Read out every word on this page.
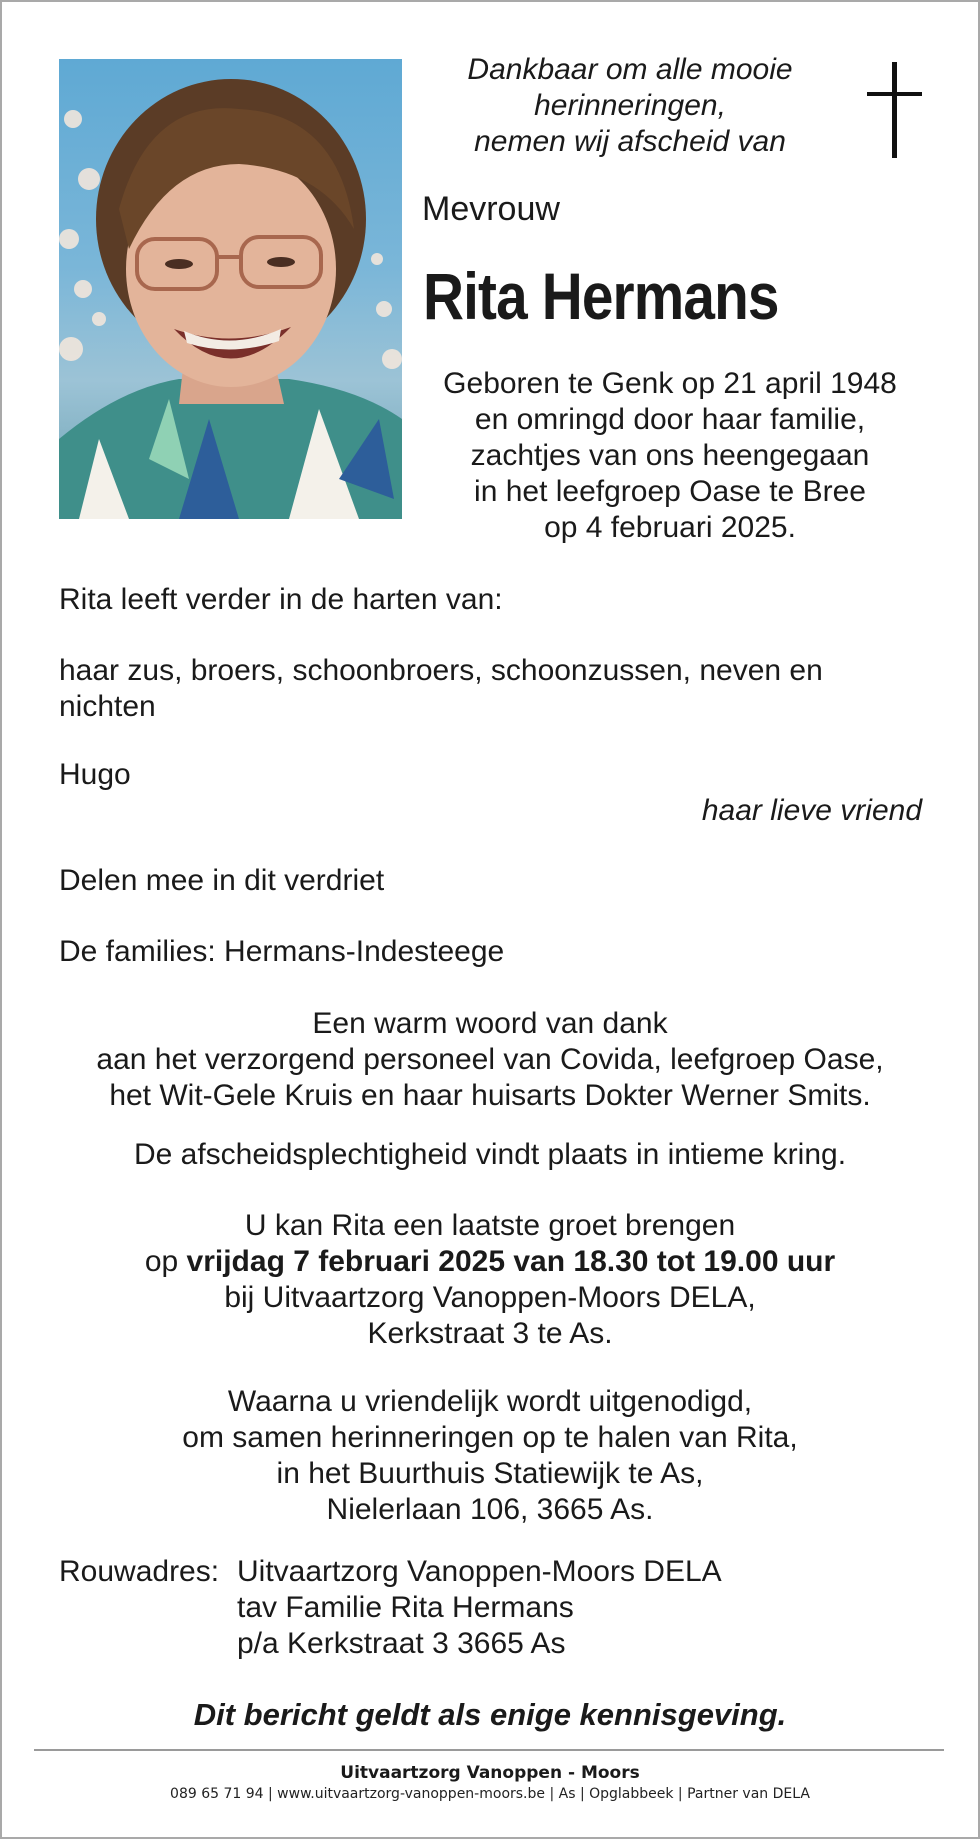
Dankbaar om alle mooie
herinneringen,
nemen wij afscheid van
Mevrouw
Rita Hermans
Geboren te Genk op 21 april 1948
en omringd door haar familie,
zachtjes van ons heengegaan
in het leefgroep Oase te Bree
op 4 februari 2025.
Rita leeft verder in de harten van:
haar zus, broers, schoonbroers, schoonzussen, neven en
nichten
Hugo
haar lieve vriend
Delen mee in dit verdriet
De families: Hermans-Indesteege
Een warm woord van dank
aan het verzorgend personeel van Covida, leefgroep Oase,
het Wit-Gele Kruis en haar huisarts Dokter Werner Smits.
De afscheidsplechtigheid vindt plaats in intieme kring.
U kan Rita een laatste groet brengen
op vrijdag 7 februari 2025 van 18.30 tot 19.00 uur
bij Uitvaartzorg Vanoppen-Moors DELA,
Kerkstraat 3 te As.
Waarna u vriendelijk wordt uitgenodigd,
om samen herinneringen op te halen van Rita,
in het Buurthuis Statiewijk te As,
Nielerlaan 106, 3665 As.
Rouwadres: Uitvaartzorg Vanoppen-Moors DELA
tav Familie Rita Hermans
p/a Kerkstraat 3 3665 As
Dit bericht geldt als enige kennisgeving.
Uitvaartzorg Vanoppen - Moors
089 65 71 94 | www.uitvaartzorg-vanoppen-moors.be | As | Opglabbeek | Partner van DELA
